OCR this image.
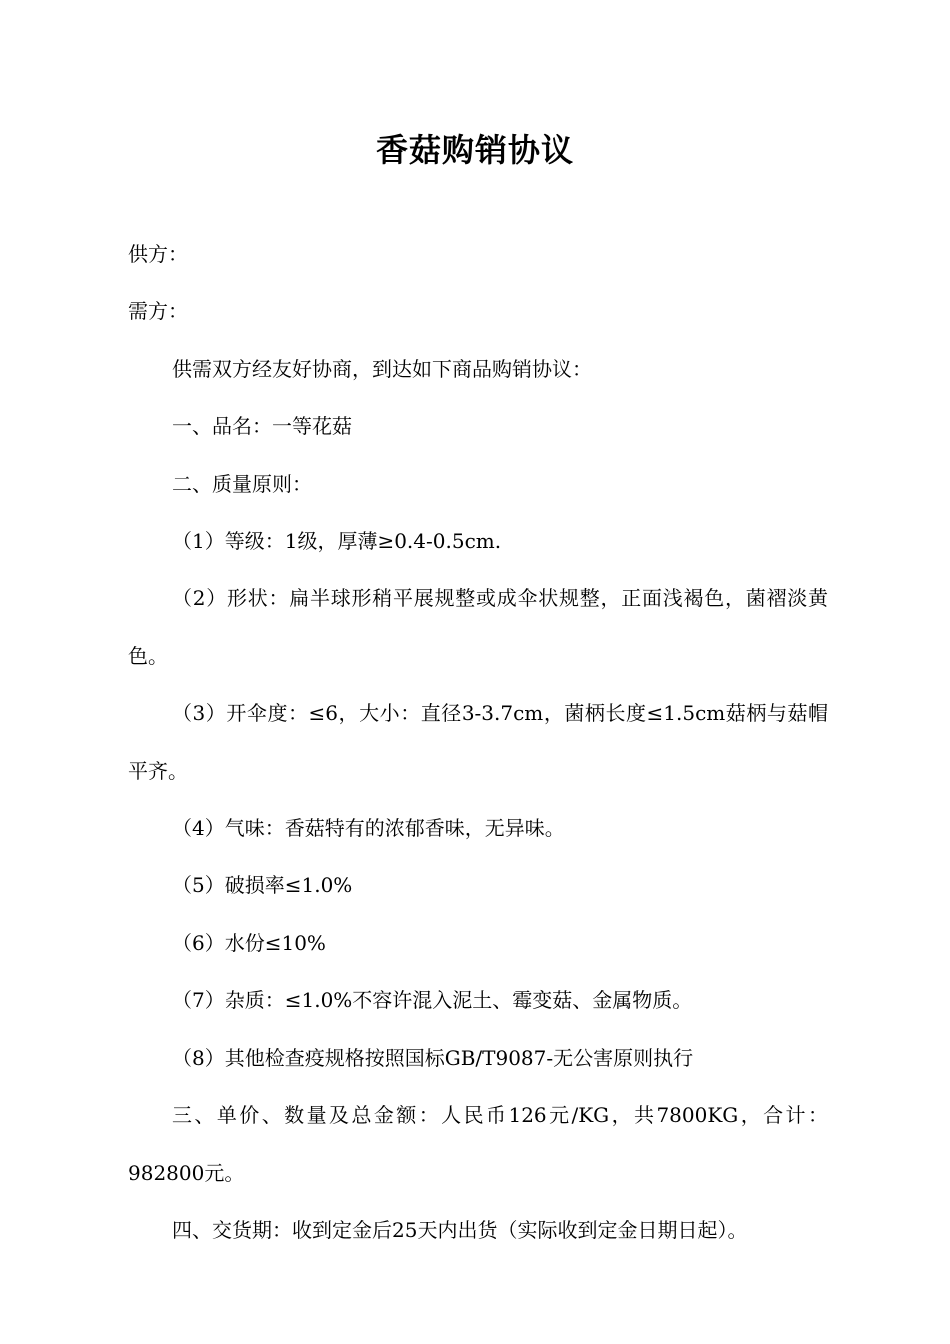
香菇购销协议

供方：

需方：

供需双方经友好协商，到达如下商品购销协议：

一、品名：一等花菇

二、质量原则：

（1）等级：1级，厚薄≥0.4-0.5cm.

（2）形状：扁半球形稍平展规整或成伞状规整，正面浅褐色，菌褶淡黄色。

（3）开伞度：≤6，大小：直径3-3.7cm，菌柄长度≤1.5cm菇柄与菇帽平齐。

（4）气味：香菇特有的浓郁香味，无异味。

（5）破损率≤1.0%

（6）水份≤10%

（7）杂质：≤1.0%不容许混入泥土、霉变菇、金属物质。

（8）其他检查疫规格按照国标GB/T9087-无公害原则执行

三、单价、数量及总金额：人民币126元/KG，共7800KG，合计：982800元。

四、交货期：收到定金后25天内出货（实际收到定金日期日起）。
